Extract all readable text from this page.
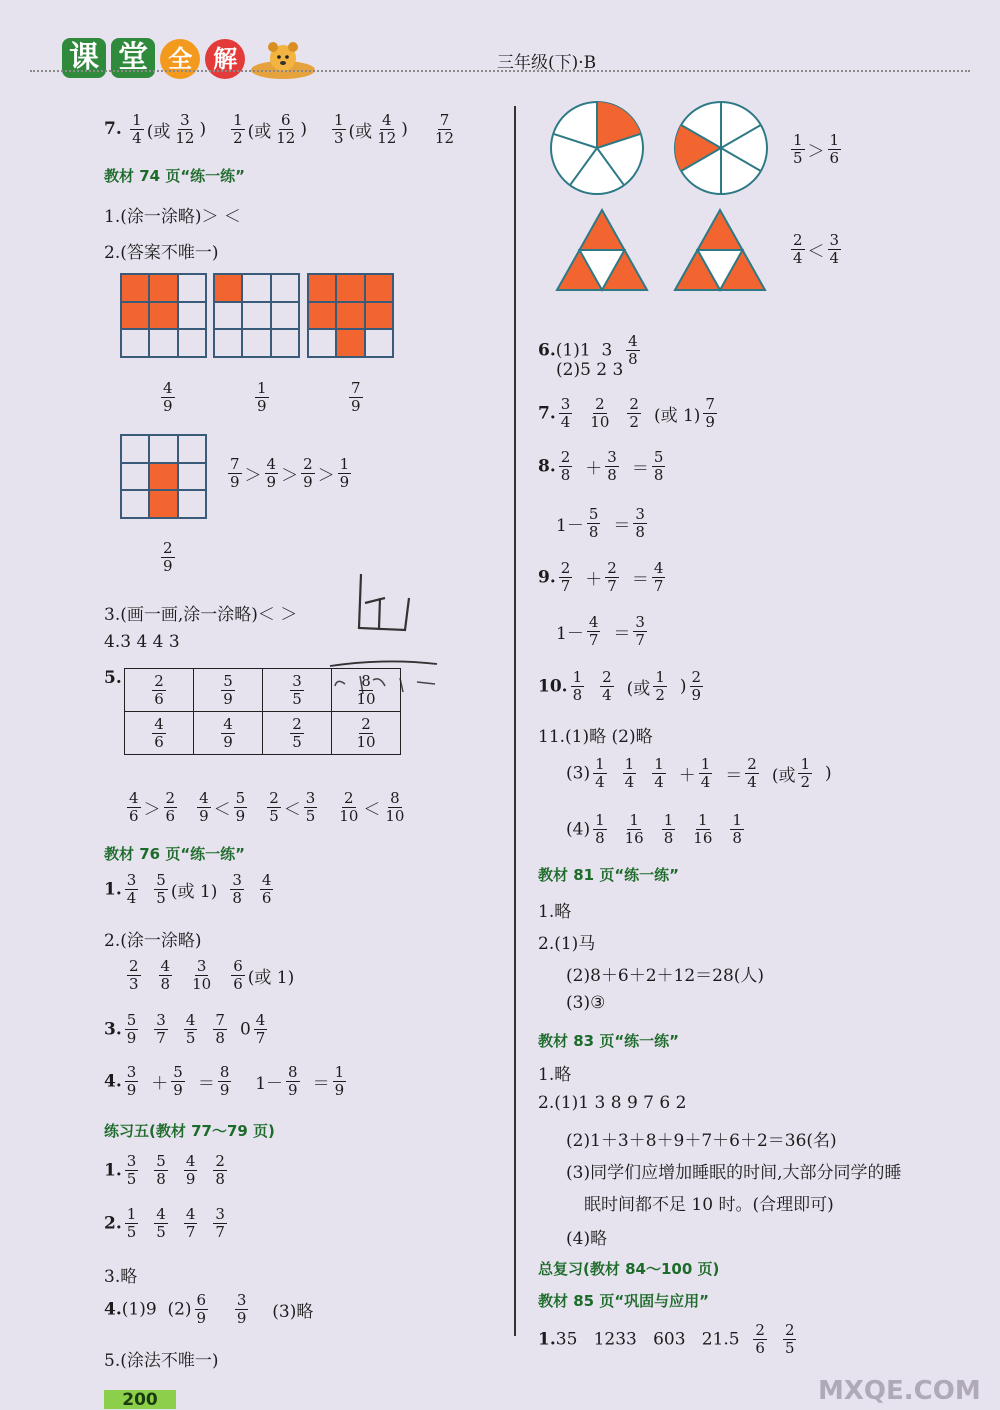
课 堂 全 解	三年级(下)·B
7. $\frac{1}{4}$ (或 $\frac{3}{12}$ ) $\frac{1}{2}$ (或 $\frac{6}{12}$ ) $\frac{1}{3}$ (或 $\frac{4}{12}$ ) $\frac{7}{12}$
教材 74 页“练一练”
1.(涂一涂略)＞ ＜
2.(答案不唯一)
$\frac{4}{9}$	$\frac{1}{9}$	$\frac{7}{9}$
$\frac{7}{9} > \frac{4}{9} > \frac{2}{9} > \frac{1}{9}$
$\frac{2}{9}$
3.(画一画,涂一涂略)＜ ＞
4.3 4 4 3
5. $\frac{2}{6}$	$\frac{5}{9}$	$\frac{3}{5}$	$\frac{8}{10}$

$\frac{4}{6}$	$\frac{4}{9}$	$\frac{2}{5}$	$\frac{2}{10}$
$\frac{4}{6} > \frac{2}{6} \frac{4}{9} < \frac{5}{9} \frac{2}{5} < \frac{3}{5} \frac{2}{10} < \frac{8}{10}$
教材 76 页“练一练”
1. $\frac{3}{4} \frac{5}{5}$ (或 $1) \frac{3}{8} \frac{4}{6}$
2.(涂一涂略)
$\frac{2}{3} \frac{4}{8} \frac{3}{10} \frac{6}{6}$ (或 1)
3. $\frac{5}{9} \frac{3}{7} \frac{4}{5} \frac{7}{8} 0 \frac{4}{7}$
4. $\frac{3}{9} + \frac{5}{9} = \frac{8}{9} 1- \frac{8}{9} = \frac{1}{9}$
练习五(教材 77～79 页)
1. $\frac{3}{5} \frac{5}{8} \frac{4}{9} \frac{2}{8}$
2. $\frac{1}{5} \frac{4}{5} \frac{4}{7} \frac{3}{7}$
3.略
4.(1)9  $(2) \frac{6}{9}$
$\frac{3}{9} (3)$略
5.(涂法不唯一)
200
$\frac{1}{5} > \frac{1}{6}$
$\frac{2}{4} < \frac{3}{4}$
6.(1)1  $3 \frac{4}{8}$
(2)5 2 3
7. $\frac{3}{4} \frac{2}{10} \frac{2}{2}$ (或 $1) \frac{7}{9}$
8. $\frac{2}{8} + \frac{3}{8} = \frac{5}{8}$
$1- \frac{5}{8} = \frac{3}{8}$
9. $\frac{2}{7} + \frac{2}{7} = \frac{4}{7}$
$1- \frac{4}{7} = \frac{3}{7}$
10. $\frac{1}{8} \frac{2}{4}$ (或 $\frac{1}{2}$ ) $\frac{2}{9}$
11.(1)略 (2)略
$(3) \frac{1}{4} \frac{1}{4} \frac{1}{4} + \frac{1}{4} = \frac{2}{4}$ (或 $\frac{1}{2}$ )
$(4) \frac{1}{8} \frac{1}{16} \frac{1}{8} \frac{1}{16} \frac{1}{8}$
教材 81 页“练一练”
1.略
2.(1)马
(2)8＋6＋2＋12＝28(人)
(3)③
教材 83 页“练一练”
1.略
2.(1)1 3 8 9 7 6 2
(2)1＋3＋8＋9＋7＋6＋2＝36(名)
(3)同学们应增加睡眠的时间,大部分同学的睡
眠时间都不足 10 时。(合理即可)
(4)略
总复习(教材 84～100 页)
教材 85 页“巩固与应用”
1.35   1233   603   $21.5 \frac{2}{6} \frac{2}{5}$
MXQE.COM
